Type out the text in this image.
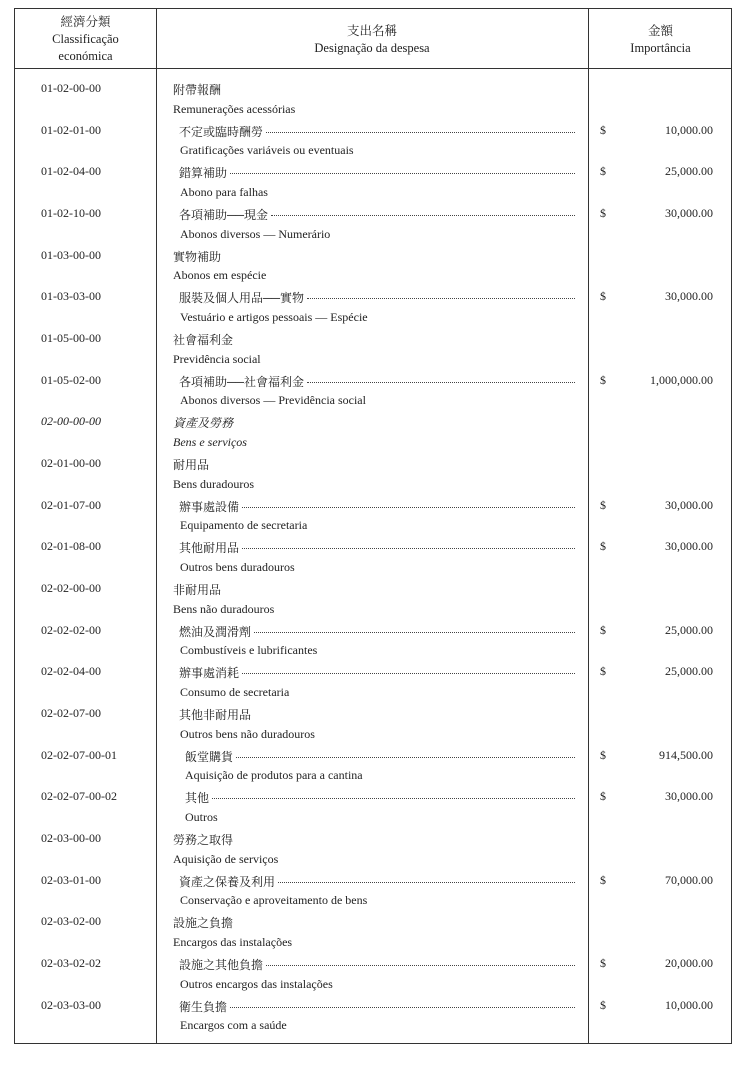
經濟分類
Classificação
económica
支出名稱
Designação da despesa
金額
Importância
01-02-00-00	附帶報酬
Remunerações acessórias
01-02-01-00	不定或臨時酬勞	$	10,000.00
Gratificações variáveis ou eventuais
01-02-04-00	錯算補助	$	25,000.00
Abono para falhas
01-02-10-00	各項補助──現金	$	30,000.00
Abonos diversos — Numerário
01-03-00-00	實物補助
Abonos em espécie
01-03-03-00	服裝及個人用品──實物	$	30,000.00
Vestuário e artigos pessoais — Espécie
01-05-00-00	社會福利金
Previdência social
01-05-02-00	各項補助──社會福利金	$	1,000,000.00
Abonos diversos — Previdência social
02-00-00-00	資產及勞務
Bens e serviços
02-01-00-00	耐用品
Bens duradouros
02-01-07-00	辦事處設備	$	30,000.00
Equipamento de secretaria
02-01-08-00	其他耐用品	$	30,000.00
Outros bens duradouros
02-02-00-00	非耐用品
Bens não duradouros
02-02-02-00	燃油及潤滑劑	$	25,000.00
Combustíveis e lubrificantes
02-02-04-00	辦事處消耗	$	25,000.00
Consumo de secretaria
02-02-07-00	其他非耐用品
Outros bens não duradouros
02-02-07-00-01	飯堂購貨	$	914,500.00
Aquisição de produtos para a cantina
02-02-07-00-02	其他	$	30,000.00
Outros
02-03-00-00	勞務之取得
Aquisição de serviços
02-03-01-00	資產之保養及利用	$	70,000.00
Conservação e aproveitamento de bens
02-03-02-00	設施之負擔
Encargos das instalações
02-03-02-02	設施之其他負擔	$	20,000.00
Outros encargos das instalações
02-03-03-00	衛生負擔	$	10,000.00
Encargos com a saúde
